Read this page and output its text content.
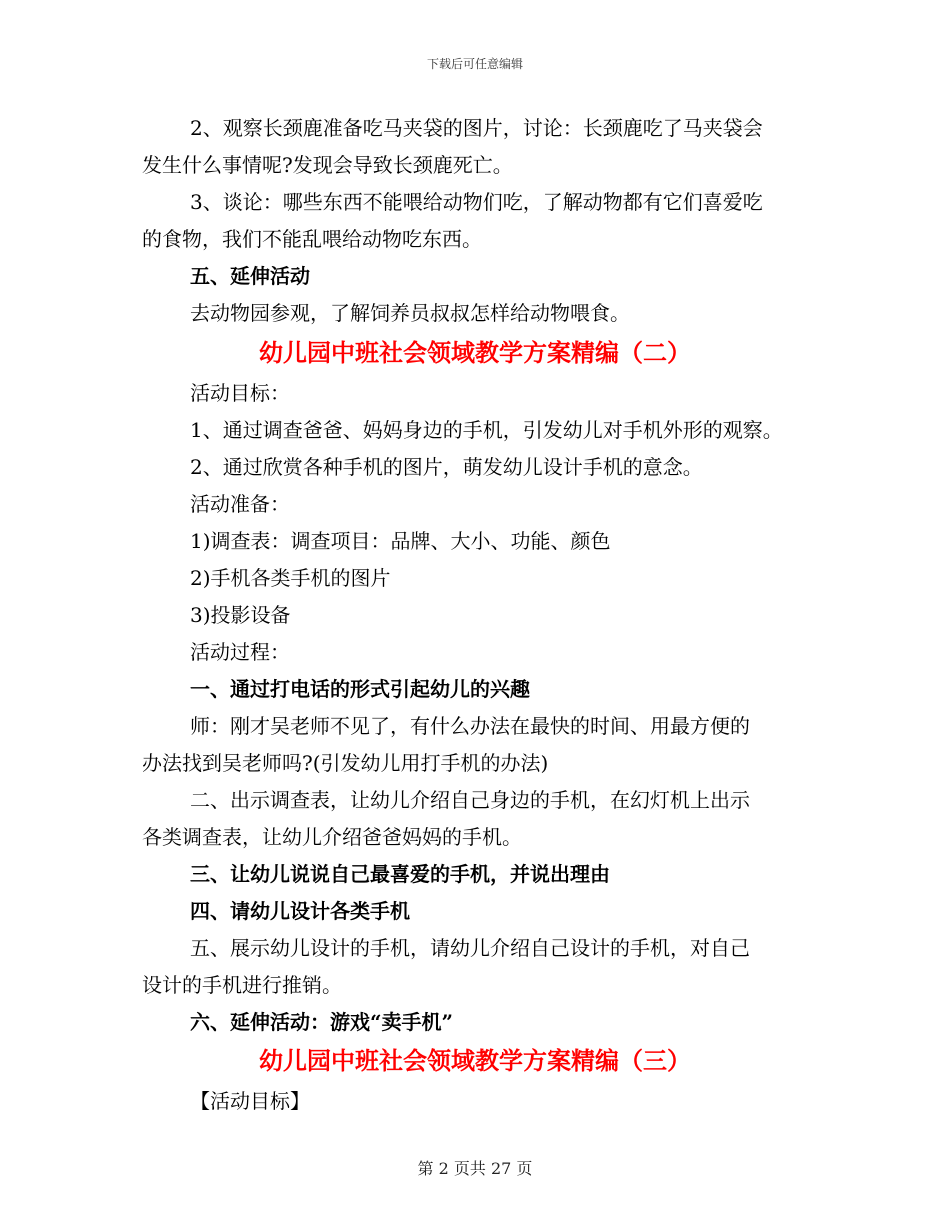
下载后可任意编辑
2、观察长颈鹿准备吃马夹袋的图片，讨论：长颈鹿吃了马夹袋会
发生什么事情呢?发现会导致长颈鹿死亡。
3、谈论：哪些东西不能喂给动物们吃，了解动物都有它们喜爱吃
的食物，我们不能乱喂给动物吃东西。
五、延伸活动
去动物园参观，了解饲养员叔叔怎样给动物喂食。
幼儿园中班社会领域教学方案精编（二）
活动目标：
1、通过调查爸爸、妈妈身边的手机，引发幼儿对手机外形的观察。
2、通过欣赏各种手机的图片，萌发幼儿设计手机的意念。
活动准备：
1)调查表：调查项目：品牌、大小、功能、颜色
2)手机各类手机的图片
3)投影设备
活动过程：
一、通过打电话的形式引起幼儿的兴趣
师：刚才吴老师不见了，有什么办法在最快的时间、用最方便的
办法找到吴老师吗?(引发幼儿用打手机的办法)
二、出示调查表，让幼儿介绍自己身边的手机，在幻灯机上出示
各类调查表，让幼儿介绍爸爸妈妈的手机。
三、让幼儿说说自己最喜爱的手机，并说出理由
四、请幼儿设计各类手机
五、展示幼儿设计的手机，请幼儿介绍自己设计的手机，对自己
设计的手机进行推销。
六、延伸活动：游戏“卖手机”
幼儿园中班社会领域教学方案精编（三）
【活动目标】
第 2 页共 27 页
